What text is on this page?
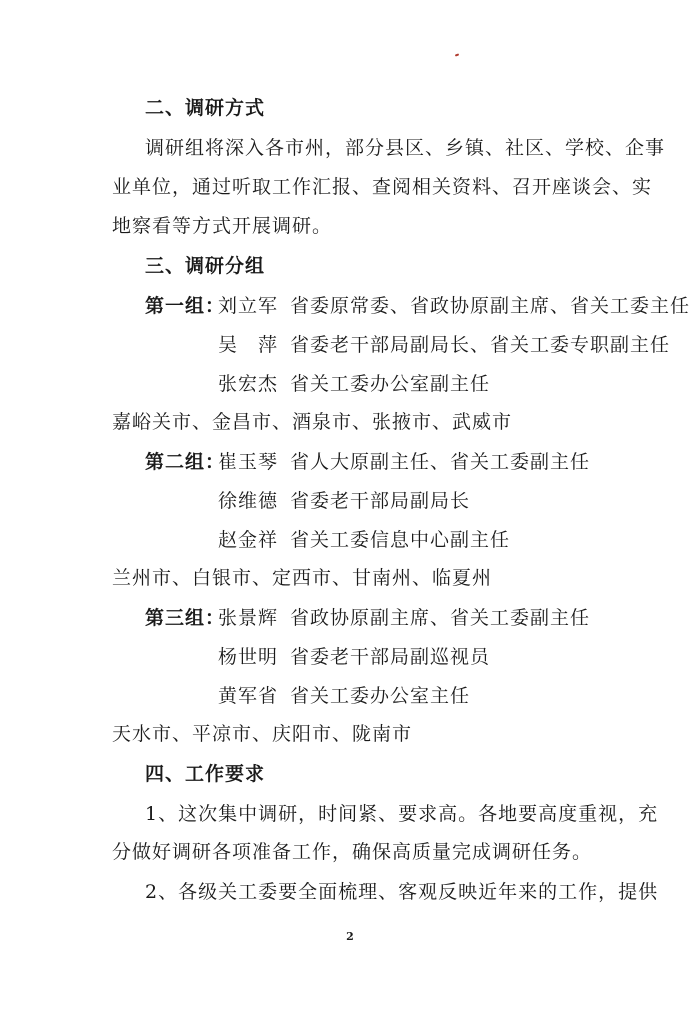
二、调研方式
调研组将深入各市州，部分县区、乡镇、社区、学校、企事
业单位，通过听取工作汇报、查阅相关资料、召开座谈会、实
地察看等方式开展调研。
三、调研分组
第一组：刘立军 省委原常委、省政协原副主席、省关工委主任
吴　萍 省委老干部局副局长、省关工委专职副主任
张宏杰 省关工委办公室副主任
嘉峪关市、金昌市、酒泉市、张掖市、武威市
第二组：崔玉琴 省人大原副主任、省关工委副主任
徐维德 省委老干部局副局长
赵金祥 省关工委信息中心副主任
兰州市、白银市、定西市、甘南州、临夏州
第三组：张景辉 省政协原副主席、省关工委副主任
杨世明 省委老干部局副巡视员
黄军省 省关工委办公室主任
天水市、平凉市、庆阳市、陇南市
四、工作要求
1、这次集中调研，时间紧、要求高。各地要高度重视，充
分做好调研各项准备工作，确保高质量完成调研任务。
2、各级关工委要全面梳理、客观反映近年来的工作，提供
2
